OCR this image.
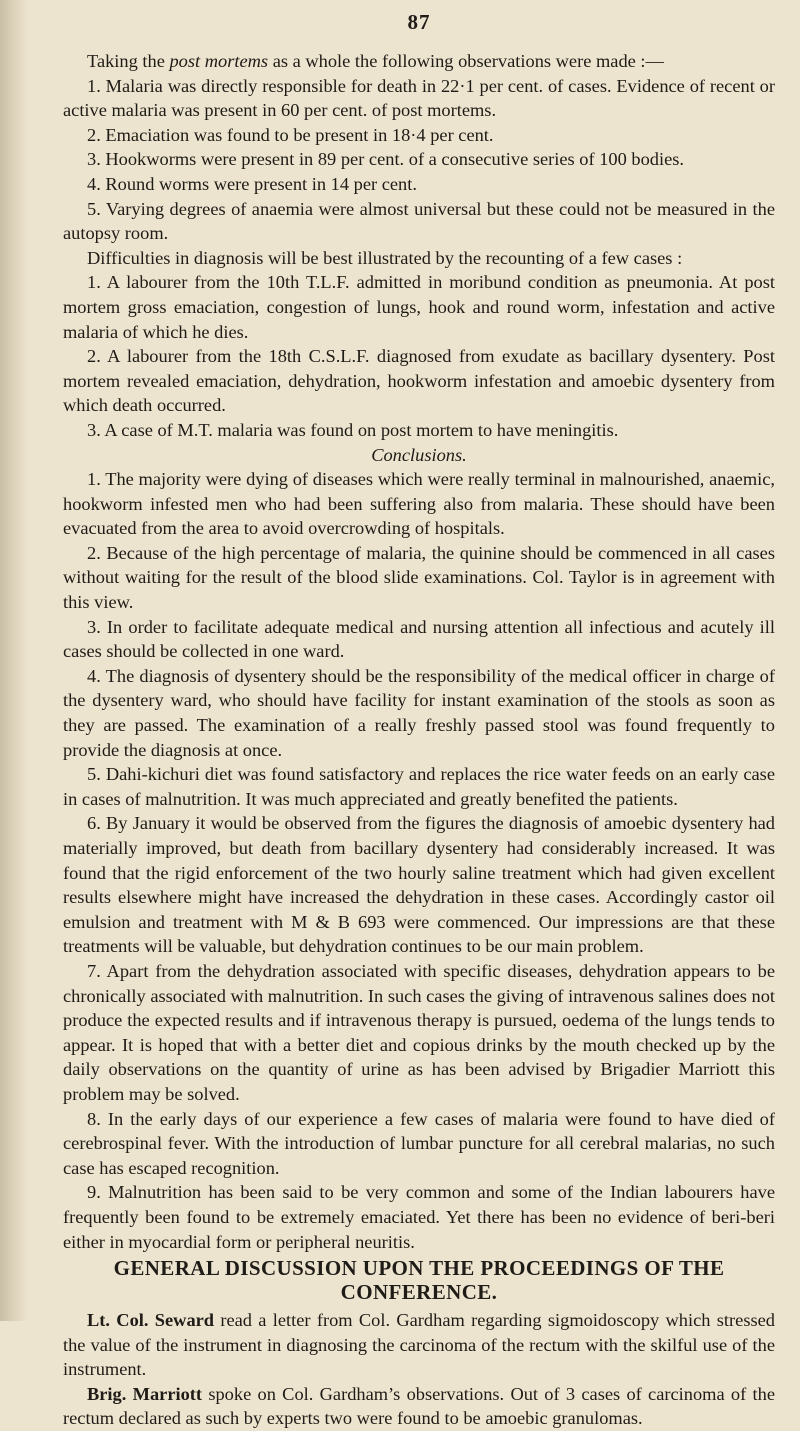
87

Taking the post mortems as a whole the following observations were made :—

1. Malaria was directly responsible for death in 22·1 per cent. of cases. Evidence of recent or active malaria was present in 60 per cent. of post mortems.

2. Emaciation was found to be present in 18·4 per cent.

3. Hookworms were present in 89 per cent. of a consecutive series of 100 bodies.

4. Round worms were present in 14 per cent.

5. Varying degrees of anaemia were almost universal but these could not be measured in the autopsy room.

Difficulties in diagnosis will be best illustrated by the recounting of a few cases :

1. A labourer from the 10th T.L.F. admitted in moribund condition as pneumonia. At post mortem gross emaciation, congestion of lungs, hook and round worm, infestation and active malaria of which he dies.

2. A labourer from the 18th C.S.L.F. diagnosed from exudate as bacillary dysentery. Post mortem revealed emaciation, dehydration, hookworm infestation and amoebic dysentery from which death occurred.

3. A case of M.T. malaria was found on post mortem to have meningitis.

Conclusions.

1. The majority were dying of diseases which were really terminal in malnourished, anaemic, hookworm infested men who had been suffering also from malaria. These should have been evacuated from the area to avoid overcrowding of hospitals.

2. Because of the high percentage of malaria, the quinine should be commenced in all cases without waiting for the result of the blood slide examinations. Col. Taylor is in agreement with this view.

3. In order to facilitate adequate medical and nursing attention all infectious and acutely ill cases should be collected in one ward.

4. The diagnosis of dysentery should be the responsibility of the medical officer in charge of the dysentery ward, who should have facility for instant examination of the stools as soon as they are passed. The examination of a really freshly passed stool was found frequently to provide the diagnosis at once.

5. Dahi-kichuri diet was found satisfactory and replaces the rice water feeds on an early case in cases of malnutrition. It was much appreciated and greatly benefited the patients.

6. By January it would be observed from the figures the diagnosis of amoebic dysentery had materially improved, but death from bacillary dysentery had considerably increased. It was found that the rigid enforcement of the two hourly saline treatment which had given excellent results elsewhere might have increased the dehydration in these cases. Accordingly castor oil emulsion and treatment with M & B 693 were commenced. Our impressions are that these treatments will be valuable, but dehydration continues to be our main problem.

7. Apart from the dehydration associated with specific diseases, dehydration appears to be chronically associated with malnutrition. In such cases the giving of intravenous salines does not produce the expected results and if intravenous therapy is pursued, oedema of the lungs tends to appear. It is hoped that with a better diet and copious drinks by the mouth checked up by the daily observations on the quantity of urine as has been advised by Brigadier Marriott this problem may be solved.

8. In the early days of our experience a few cases of malaria were found to have died of cerebrospinal fever. With the introduction of lumbar puncture for all cerebral malarias, no such case has escaped recognition.

9. Malnutrition has been said to be very common and some of the Indian labourers have frequently been found to be extremely emaciated. Yet there has been no evidence of beri-beri either in myocardial form or peripheral neuritis.

GENERAL DISCUSSION UPON THE PROCEEDINGS OF THE CONFERENCE.

Lt. Col. Seward read a letter from Col. Gardham regarding sigmoidoscopy which stressed the value of the instrument in diagnosing the carcinoma of the rectum with the skilful use of the instrument.

Brig. Marriott spoke on Col. Gardham’s observations. Out of 3 cases of carcinoma of the rectum declared as such by experts two were found to be amoebic granulomas.
